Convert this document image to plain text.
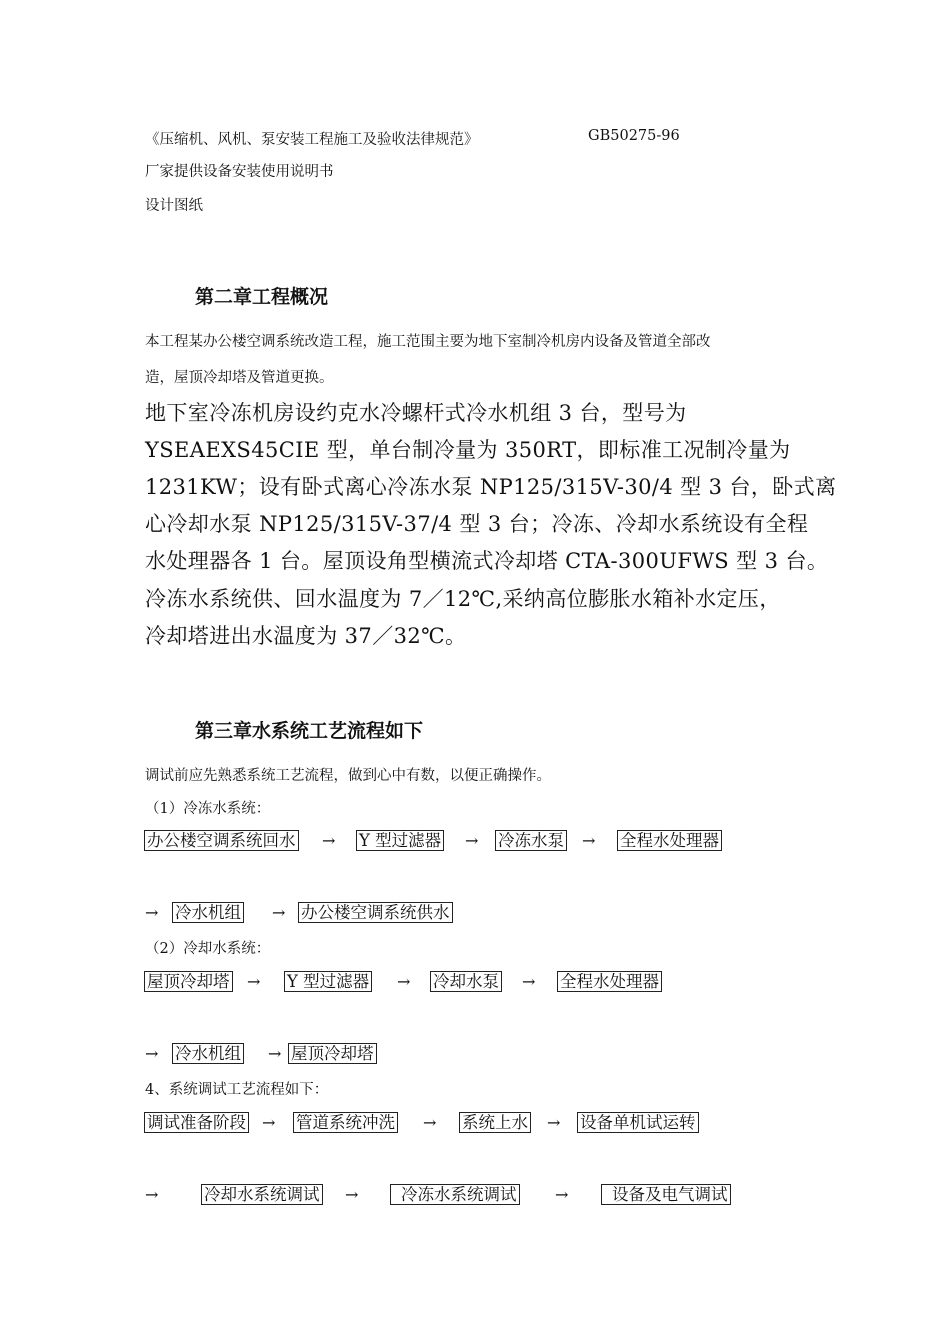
《压缩机、风机、泵安装工程施工及验收法律规范》	GB50275-96
厂家提供设备安装使用说明书
设计图纸
第二章工程概况
本工程某办公楼空调系统改造工程，施工范围主要为地下室制冷机房内设备及管道全部改
造，屋顶冷却塔及管道更换。
地下室冷冻机房设约克水冷螺杆式冷水机组 3 台，型号为
YSEAEXS45CIE 型，单台制冷量为 350RT，即标准工况制冷量为
1231KW；设有卧式离心冷冻水泵 NP125/315V-30/4 型 3 台，卧式离
心冷却水泵 NP125/315V-37/4 型 3 台；冷冻、冷却水系统设有全程
水处理器各 1 台。屋顶设角型横流式冷却塔 CTA-300UFWS 型 3 台。
冷冻水系统供、回水温度为 7／12℃,采纳高位膨胀水箱补水定压，
冷却塔进出水温度为 37／32℃。
第三章水系统工艺流程如下
调试前应先熟悉系统工艺流程，做到心中有数，以便正确操作。
（1）冷冻水系统：
办公楼空调系统回水 → Y 型过滤器 → 冷冻水泵 → 全程水处理器
→ 冷水机组 → 办公楼空调系统供水
（2）冷却水系统：
屋顶冷却塔 → Y 型过滤器 → 冷却水泵 → 全程水处理器
→ 冷水机组 → 屋顶冷却塔
4、系统调试工艺流程如下：
调试准备阶段 → 管道系统冲洗 → 系统上水 → 设备单机试运转
→	冷却水系统调试 →	冷冻水系统调试 →	设备及电气调试
